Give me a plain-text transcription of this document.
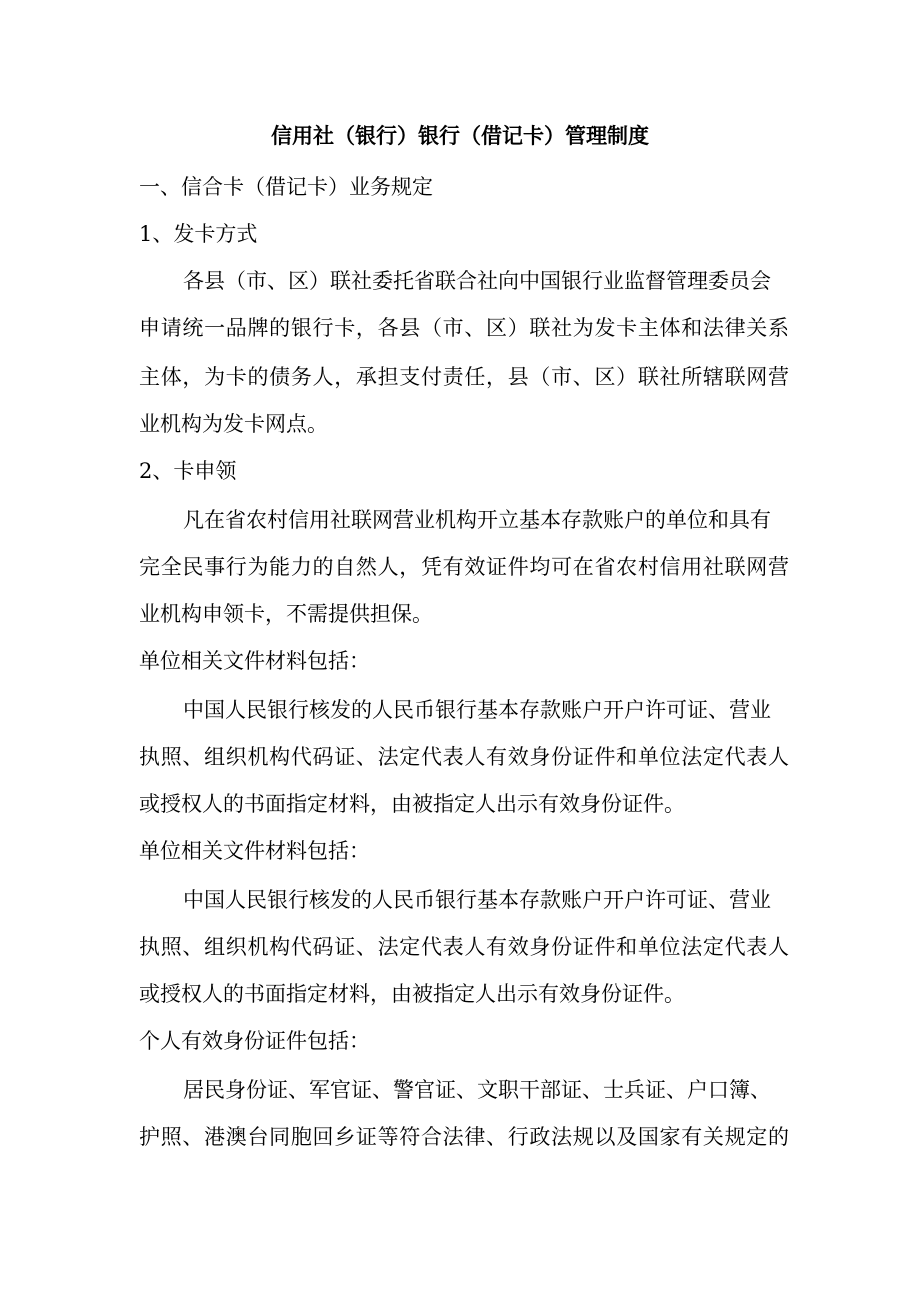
信用社（银行）银行（借记卡）管理制度
一、信合卡（借记卡）业务规定
1、发卡方式
各县（市、区）联社委托省联合社向中国银行业监督管理委员会
申请统一品牌的银行卡，各县（市、区）联社为发卡主体和法律关系
主体，为卡的债务人，承担支付责任，县（市、区）联社所辖联网营
业机构为发卡网点。
2、卡申领
凡在省农村信用社联网营业机构开立基本存款账户的单位和具有
完全民事行为能力的自然人，凭有效证件均可在省农村信用社联网营
业机构申领卡，不需提供担保。
单位相关文件材料包括：
中国人民银行核发的人民币银行基本存款账户开户许可证、营业
执照、组织机构代码证、法定代表人有效身份证件和单位法定代表人
或授权人的书面指定材料，由被指定人出示有效身份证件。
单位相关文件材料包括：
中国人民银行核发的人民币银行基本存款账户开户许可证、营业
执照、组织机构代码证、法定代表人有效身份证件和单位法定代表人
或授权人的书面指定材料，由被指定人出示有效身份证件。
个人有效身份证件包括：
居民身份证、军官证、警官证、文职干部证、士兵证、户口簿、
护照、港澳台同胞回乡证等符合法律、行政法规以及国家有关规定的
